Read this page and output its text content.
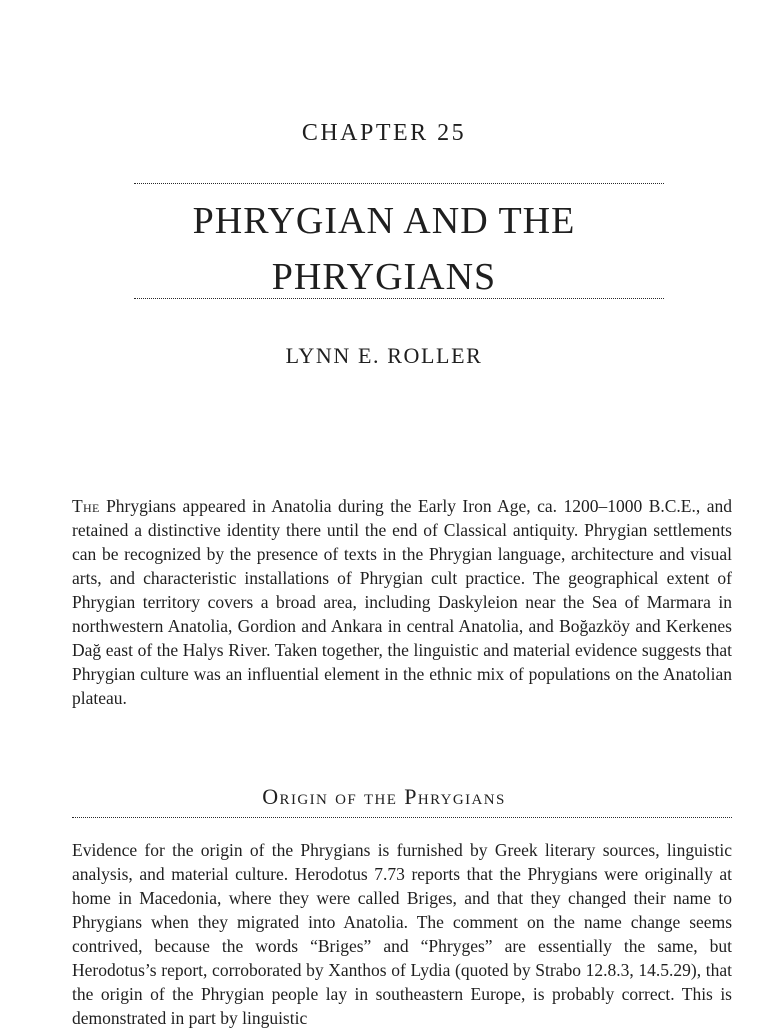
CHAPTER 25
PHRYGIAN AND THE
PHRYGIANS
LYNN E. ROLLER

The Phrygians appeared in Anatolia during the Early Iron Age, ca. 1200–1000 B.C.E., and retained a distinctive identity there until the end of Classical antiquity. Phrygian settlements can be recognized by the presence of texts in the Phrygian language, architecture and visual arts, and characteristic installations of Phrygian cult practice. The geographical extent of Phrygian territory covers a broad area, including Daskyleion near the Sea of Marmara in northwestern Anatolia, Gordion and Ankara in central Anatolia, and Boğazköy and Kerkenes Dağ east of the Halys River. Taken together, the linguistic and material evidence suggests that Phrygian culture was an influential element in the ethnic mix of populations on the Anatolian plateau.

Origin of the Phrygians

Evidence for the origin of the Phrygians is furnished by Greek literary sources, linguistic analysis, and material culture. Herodotus 7.73 reports that the Phrygians were originally at home in Macedonia, where they were called Briges, and that they changed their name to Phrygians when they migrated into Anatolia. The comment on the name change seems contrived, because the words “Briges” and “Phryges” are essentially the same, but Herodotus’s report, corroborated by Xanthos of Lydia (quoted by Strabo 12.8.3, 14.5.29), that the origin of the Phrygian people lay in southeastern Europe, is probably correct. This is demonstrated in part by linguistic
